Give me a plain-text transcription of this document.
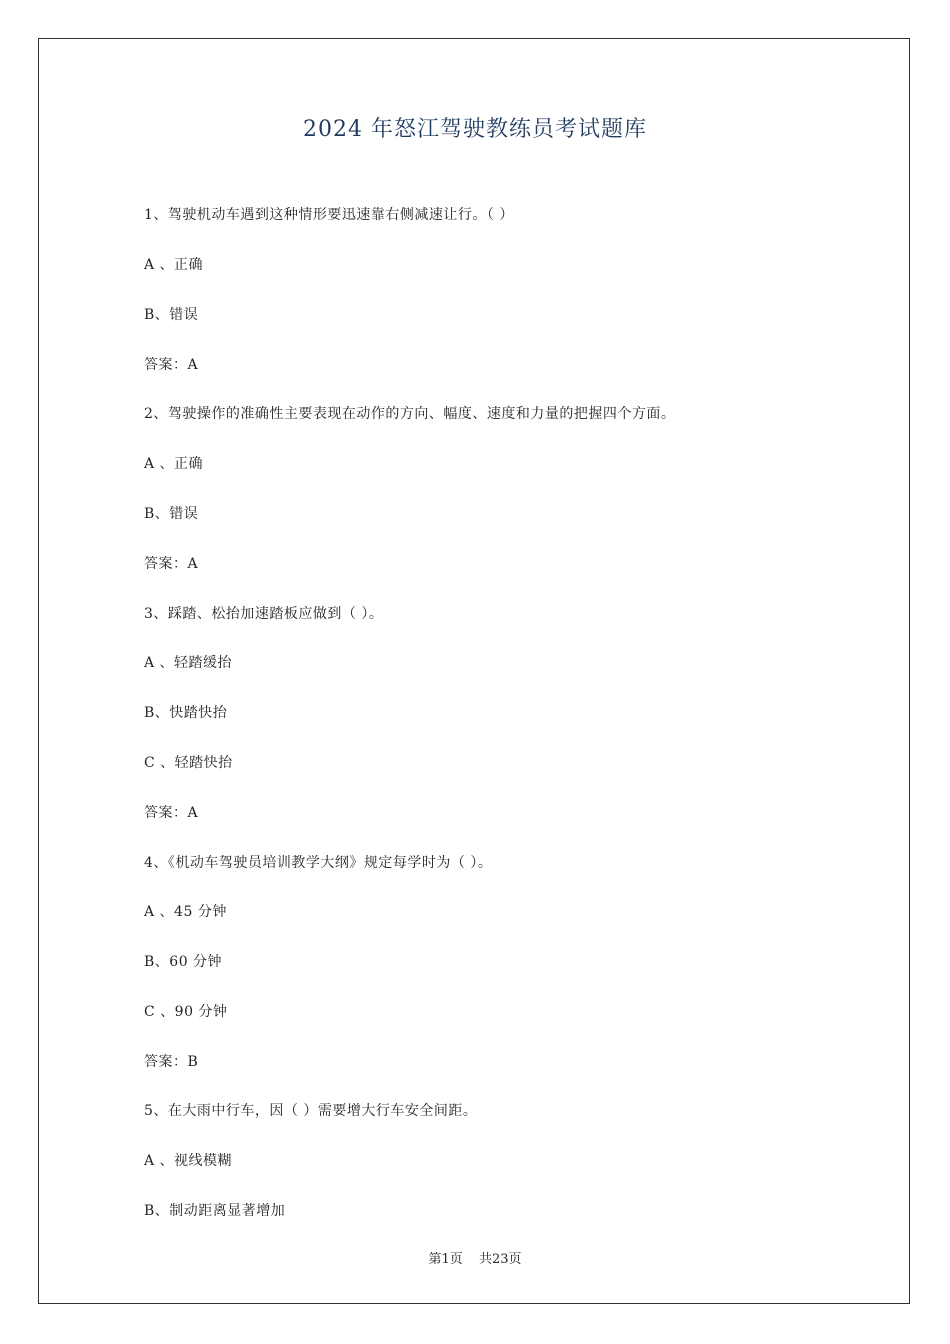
2024 年怒江驾驶教练员考试题库
1、驾驶机动车遇到这种情形要迅速靠右侧减速让行。（ ）
A 、正确
B、错误
答案：A
2、驾驶操作的准确性主要表现在动作的方向、幅度、速度和力量的把握四个方面。
A 、正确
B、错误
答案：A
3、踩踏、松抬加速踏板应做到（ ）。
A 、轻踏缓抬
B、快踏快抬
C 、轻踏快抬
答案：A
4、《机动车驾驶员培训教学大纲》规定每学时为（ ）。
A 、45 分钟
B、60 分钟
C 、90 分钟
答案：B
5、在大雨中行车，因（ ）需要增大行车安全间距。
A 、视线模糊
B、制动距离显著增加
第1页 共23页
